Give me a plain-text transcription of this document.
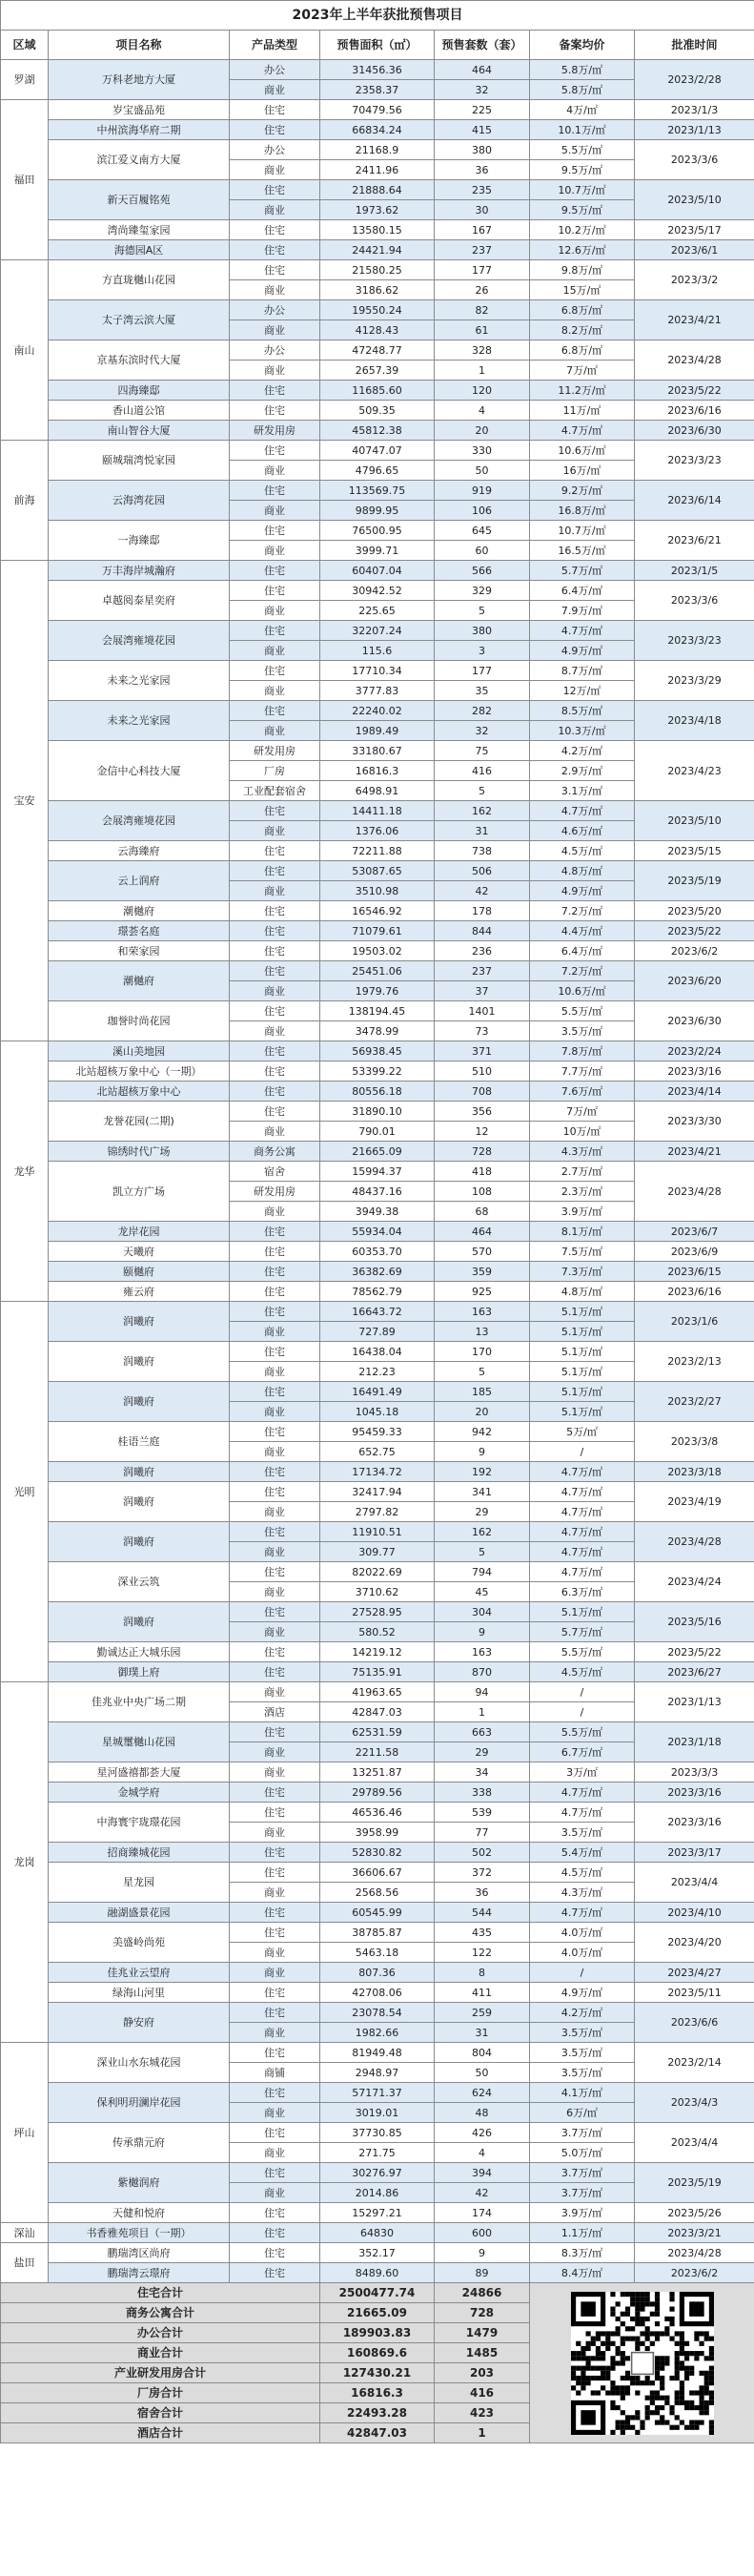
2023年上半年获批预售项目						
区域	项目名称	产品类型	预售面积（㎡）	预售套数（套）	备案均价	批准时间
罗湖	万科老地方大厦	办公	31456.36	464	5.8万/㎡	2023/2/28
		商业	2358.37	32	5.8万/㎡	
福田	岁宝盛品苑	住宅	70479.56	225	4万/㎡	2023/1/3
	中州滨海华府二期	住宅	66834.24	415	10.1万/㎡	2023/1/13
	滨江爱义南方大厦	办公	21168.9	380	5.5万/㎡	2023/3/6
		商业	2411.96	36	9.5万/㎡	
	新天百履铭苑	住宅	21888.64	235	10.7万/㎡	2023/5/10
		商业	1973.62	30	9.5万/㎡	
	湾尚臻玺家园	住宅	13580.15	167	10.2万/㎡	2023/5/17
	海德园A区	住宅	24421.94	237	12.6万/㎡	2023/6/1
南山	方直珑樾山花园	住宅	21580.25	177	9.8万/㎡	2023/3/2
		商业	3186.62	26	15万/㎡	
	太子湾云滨大厦	办公	19550.24	82	6.8万/㎡	2023/4/21
		商业	4128.43	61	8.2万/㎡	
	京基东滨时代大厦	办公	47248.77	328	6.8万/㎡	2023/4/28
		商业	2657.39	1	7万/㎡	
	四海臻邸	住宅	11685.60	120	11.2万/㎡	2023/5/22
	香山道公馆	住宅	509.35	4	11万/㎡	2023/6/16
	南山智谷大厦	研发用房	45812.38	20	4.7万/㎡	2023/6/30
前海	颐城瑞湾悦家园	住宅	40747.07	330	10.6万/㎡	2023/3/23
		商业	4796.65	50	16万/㎡	
	云海湾花园	住宅	113569.75	919	9.2万/㎡	2023/6/14
		商业	9899.95	106	16.8万/㎡	
	一海臻邸	住宅	76500.95	645	10.7万/㎡	2023/6/21
		商业	3999.71	60	16.5万/㎡	
宝安	万丰海岸城瀚府	住宅	60407.04	566	5.7万/㎡	2023/1/5
	卓越阅泰星奕府	住宅	30942.52	329	6.4万/㎡	2023/3/6
		商业	225.65	5	7.9万/㎡	
	会展湾雍境花园	住宅	32207.24	380	4.7万/㎡	2023/3/23
		商业	115.6	3	4.9万/㎡	
	未来之光家园	住宅	17710.34	177	8.7万/㎡	2023/3/29
		商业	3777.83	35	12万/㎡	
	未来之光家园	住宅	22240.02	282	8.5万/㎡	2023/4/18
		商业	1989.49	32	10.3万/㎡	
	金信中心科技大厦	研发用房	33180.67	75	4.2万/㎡	2023/4/23
		厂房	16816.3	416	2.9万/㎡	
		工业配套宿舍	6498.91	5	3.1万/㎡	
	会展湾雍境花园	住宅	14411.18	162	4.7万/㎡	2023/5/10
		商业	1376.06	31	4.6万/㎡	
	云海臻府	住宅	72211.88	738	4.5万/㎡	2023/5/15
	云上润府	住宅	53087.65	506	4.8万/㎡	2023/5/19
		商业	3510.98	42	4.9万/㎡	
	潮樾府	住宅	16546.92	178	7.2万/㎡	2023/5/20
	璟荟名庭	住宅	71079.61	844	4.4万/㎡	2023/5/22
	和荣家园	住宅	19503.02	236	6.4万/㎡	2023/6/2
	潮樾府	住宅	25451.06	237	7.2万/㎡	2023/6/20
		商业	1979.76	37	10.6万/㎡	
	珈誉时尚花园	住宅	138194.45	1401	5.5万/㎡	2023/6/30
		商业	3478.99	73	3.5万/㎡	
龙华	溪山美地园	住宅	56938.45	371	7.8万/㎡	2023/2/24
	北站超核万象中心（一期）	住宅	53399.22	510	7.7万/㎡	2023/3/16
	北站超核万象中心	住宅	80556.18	708	7.6万/㎡	2023/4/14
	龙誉花园(二期)	住宅	31890.10	356	7万/㎡	2023/3/30
		商业	790.01	12	10万/㎡	
	锦绣时代广场	商务公寓	21665.09	728	4.3万/㎡	2023/4/21
	凯立方广场	宿舍	15994.37	418	2.7万/㎡	2023/4/28
		研发用房	48437.16	108	2.3万/㎡	
		商业	3949.38	68	3.9万/㎡	
	龙岸花园	住宅	55934.04	464	8.1万/㎡	2023/6/7
	天曦府	住宅	60353.70	570	7.5万/㎡	2023/6/9
	颐樾府	住宅	36382.69	359	7.3万/㎡	2023/6/15
	雍云府	住宅	78562.79	925	4.8万/㎡	2023/6/16
光明	润曦府	住宅	16643.72	163	5.1万/㎡	2023/1/6
		商业	727.89	13	5.1万/㎡	
	润曦府	住宅	16438.04	170	5.1万/㎡	2023/2/13
		商业	212.23	5	5.1万/㎡	
	润曦府	住宅	16491.49	185	5.1万/㎡	2023/2/27
		商业	1045.18	20	5.1万/㎡	
	桂语兰庭	住宅	95459.33	942	5万/㎡	2023/3/8
		商业	652.75	9	/	
	润曦府	住宅	17134.72	192	4.7万/㎡	2023/3/18
	润曦府	住宅	32417.94	341	4.7万/㎡	2023/4/19
		商业	2797.82	29	4.7万/㎡	
	润曦府	住宅	11910.51	162	4.7万/㎡	2023/4/28
		商业	309.77	5	4.7万/㎡	
	深业云筑	住宅	82022.69	794	4.7万/㎡	2023/4/24
		商业	3710.62	45	6.3万/㎡	
	润曦府	住宅	27528.95	304	5.1万/㎡	2023/5/16
		商业	580.52	9	5.7万/㎡	
	勤诚达正大城乐园	住宅	14219.12	163	5.5万/㎡	2023/5/22
	御璞上府	住宅	75135.91	870	4.5万/㎡	2023/6/27
龙岗	佳兆业中央广场二期	商业	41963.65	94	/	2023/1/13
		酒店	42847.03	1	/	
	星城璽樾山花园	住宅	62531.59	663	5.5万/㎡	2023/1/18
		商业	2211.58	29	6.7万/㎡	
	星河盛禧都荟大厦	商业	13251.87	34	3万/㎡	2023/3/3
	金城学府	住宅	29789.56	338	4.7万/㎡	2023/3/16
	中海寰宇珑璟花园	住宅	46536.46	539	4.7万/㎡	2023/3/16
		商业	3958.99	77	3.5万/㎡	
	招商臻城花园	住宅	52830.82	502	5.4万/㎡	2023/3/17
	星龙园	住宅	36606.67	372	4.5万/㎡	2023/4/4
		商业	2568.56	36	4.3万/㎡	
	融湖盛景花园	住宅	60545.99	544	4.7万/㎡	2023/4/10
	美盛岭尚苑	住宅	38785.87	435	4.0万/㎡	2023/4/20
		商业	5463.18	122	4.0万/㎡	
	佳兆业云望府	商业	807.36	8	/	2023/4/27
	绿海山河里	住宅	42708.06	411	4.9万/㎡	2023/5/11
	静安府	住宅	23078.54	259	4.2万/㎡	2023/6/6
		商业	1982.66	31	3.5万/㎡	
坪山	深业山水东城花园	住宅	81949.48	804	3.5万/㎡	2023/2/14
		商铺	2948.97	50	3.5万/㎡	
	保利明玥澜岸花园	住宅	57171.37	624	4.1万/㎡	2023/4/3
		商业	3019.01	48	6万/㎡	
	传承鼎元府	住宅	37730.85	426	3.7万/㎡	2023/4/4
		商业	271.75	4	5.0万/㎡	
	紫樾润府	住宅	30276.97	394	3.7万/㎡	2023/5/19
		商业	2014.86	42	3.7万/㎡	
	天健和悦府	住宅	15297.21	174	3.9万/㎡	2023/5/26
深汕	书香雅苑项目（一期）	住宅	64830	600	1.1万/㎡	2023/3/21
盐田	鹏瑞湾区尚府	住宅	352.17	9	8.3万/㎡	2023/4/28
	鹏瑞湾云璟府	住宅	8489.60	89	8.4万/㎡	2023/6/2
住宅合计			2500477.74	24866	

商务公寓合计			21665.09	728		
办公合计			189903.83	1479		
商业合计			160869.6	1485		
产业研发用房合计			127430.21	203		
厂房合计			16816.3	416		
宿舍合计			22493.28	423		
酒店合计			42847.03	1		
